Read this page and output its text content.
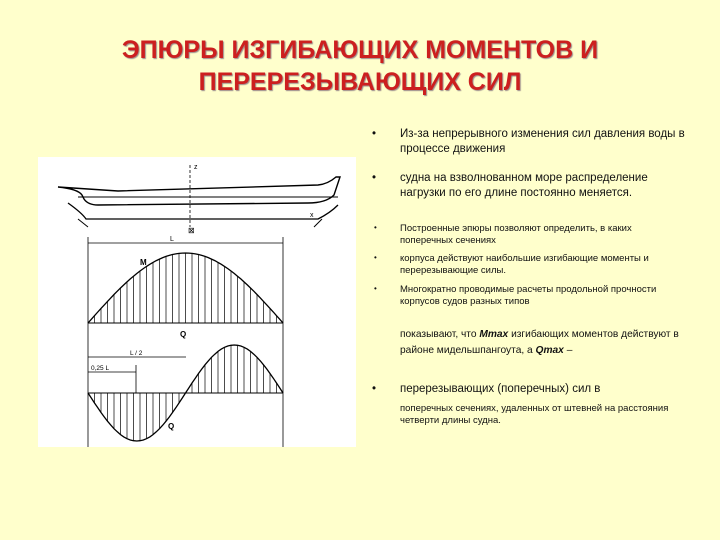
ЭПЮРЫ ИЗГИБАЮЩИХ МОМЕНТОВ И
ПЕРЕРЕЗЫВАЮЩИХ СИЛ
z
x
⊠
L
M
Q
Q
L / 2
0,25 L
• Из-за непрерывного изменения сил давления воды в процессе движения
• судна на взволнованном море распределение нагрузки по его длине постоянно меняется.
• Построенные эпюры позволяют определить, в каких поперечных сечениях
• корпуса действуют наибольшие изгибающие моменты и перерезывающие силы.
• Многократно проводимые расчеты продольной прочности корпусов судов разных типов
показывают, что Mmax изгибающих моментов действуют в районе мидельшпангоута, а Qmax –
• перерезывающих (поперечных) сил в
поперечных сечениях, удаленных от штевней на расстояния четверти длины судна.
